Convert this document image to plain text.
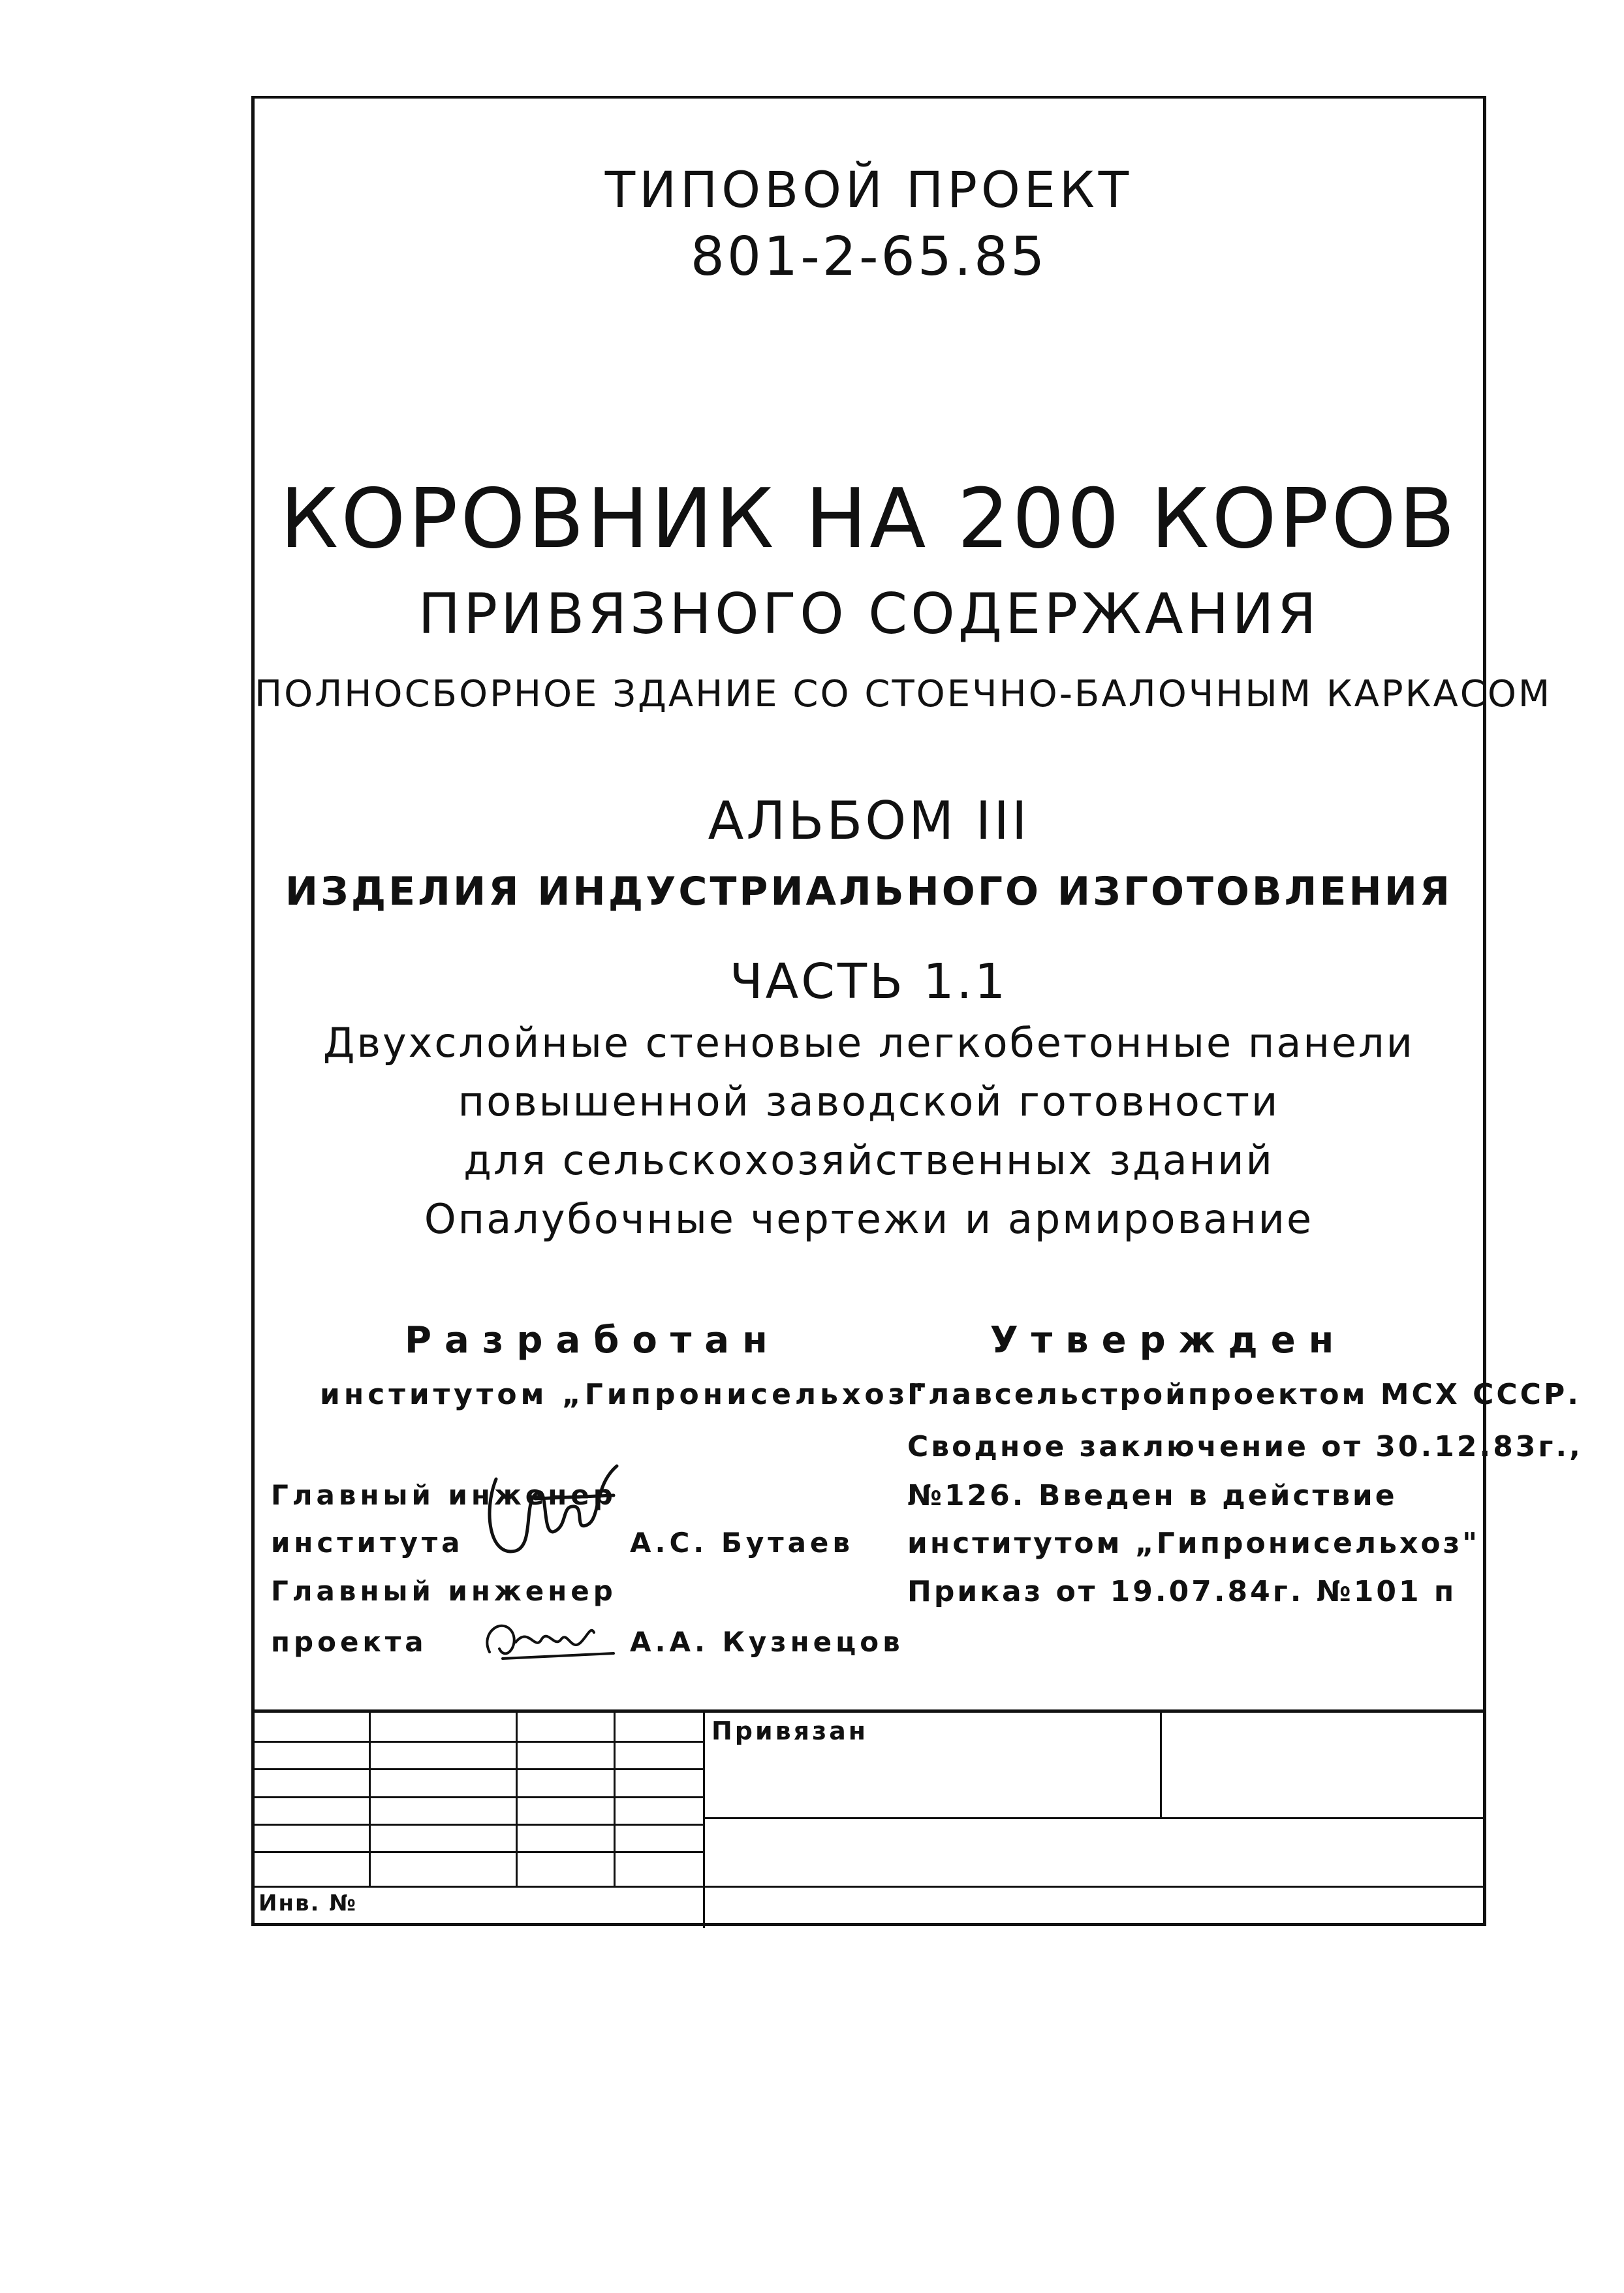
ТИПОВОЙ ПРОЕКТ

801-2-65.85

КОРОВНИК НА 200 КОРОВ

ПРИВЯЗНОГО СОДЕРЖАНИЯ

ПОЛНОСБОРНОЕ ЗДАНИЕ СО СТОЕЧНО-БАЛОЧНЫМ КАРКАСОМ

АЛЬБОМ III

ИЗДЕЛИЯ ИНДУСТРИАЛЬНОГО ИЗГОТОВЛЕНИЯ

ЧАСТЬ 1.1

Двухслойные стеновые легкобетонные панели

повышенной заводской готовности

для сельскохозяйственных зданий

Опалубочные чертежи и армирование

Разработан
институтом „Гипронисельхоз"
Главный инженер
института	А.С. Бутаев
Главный инженер
проекта	А.А. Кузнецов
Утвержден
Главсельстройпроектом МСХ СССР.
Сводное заключение от 30.12.83г.,
№126. Введен в действие
институтом „Гипронисельхоз"
Приказ от 19.07.84г. №101 п
Привязан
Инв. №
